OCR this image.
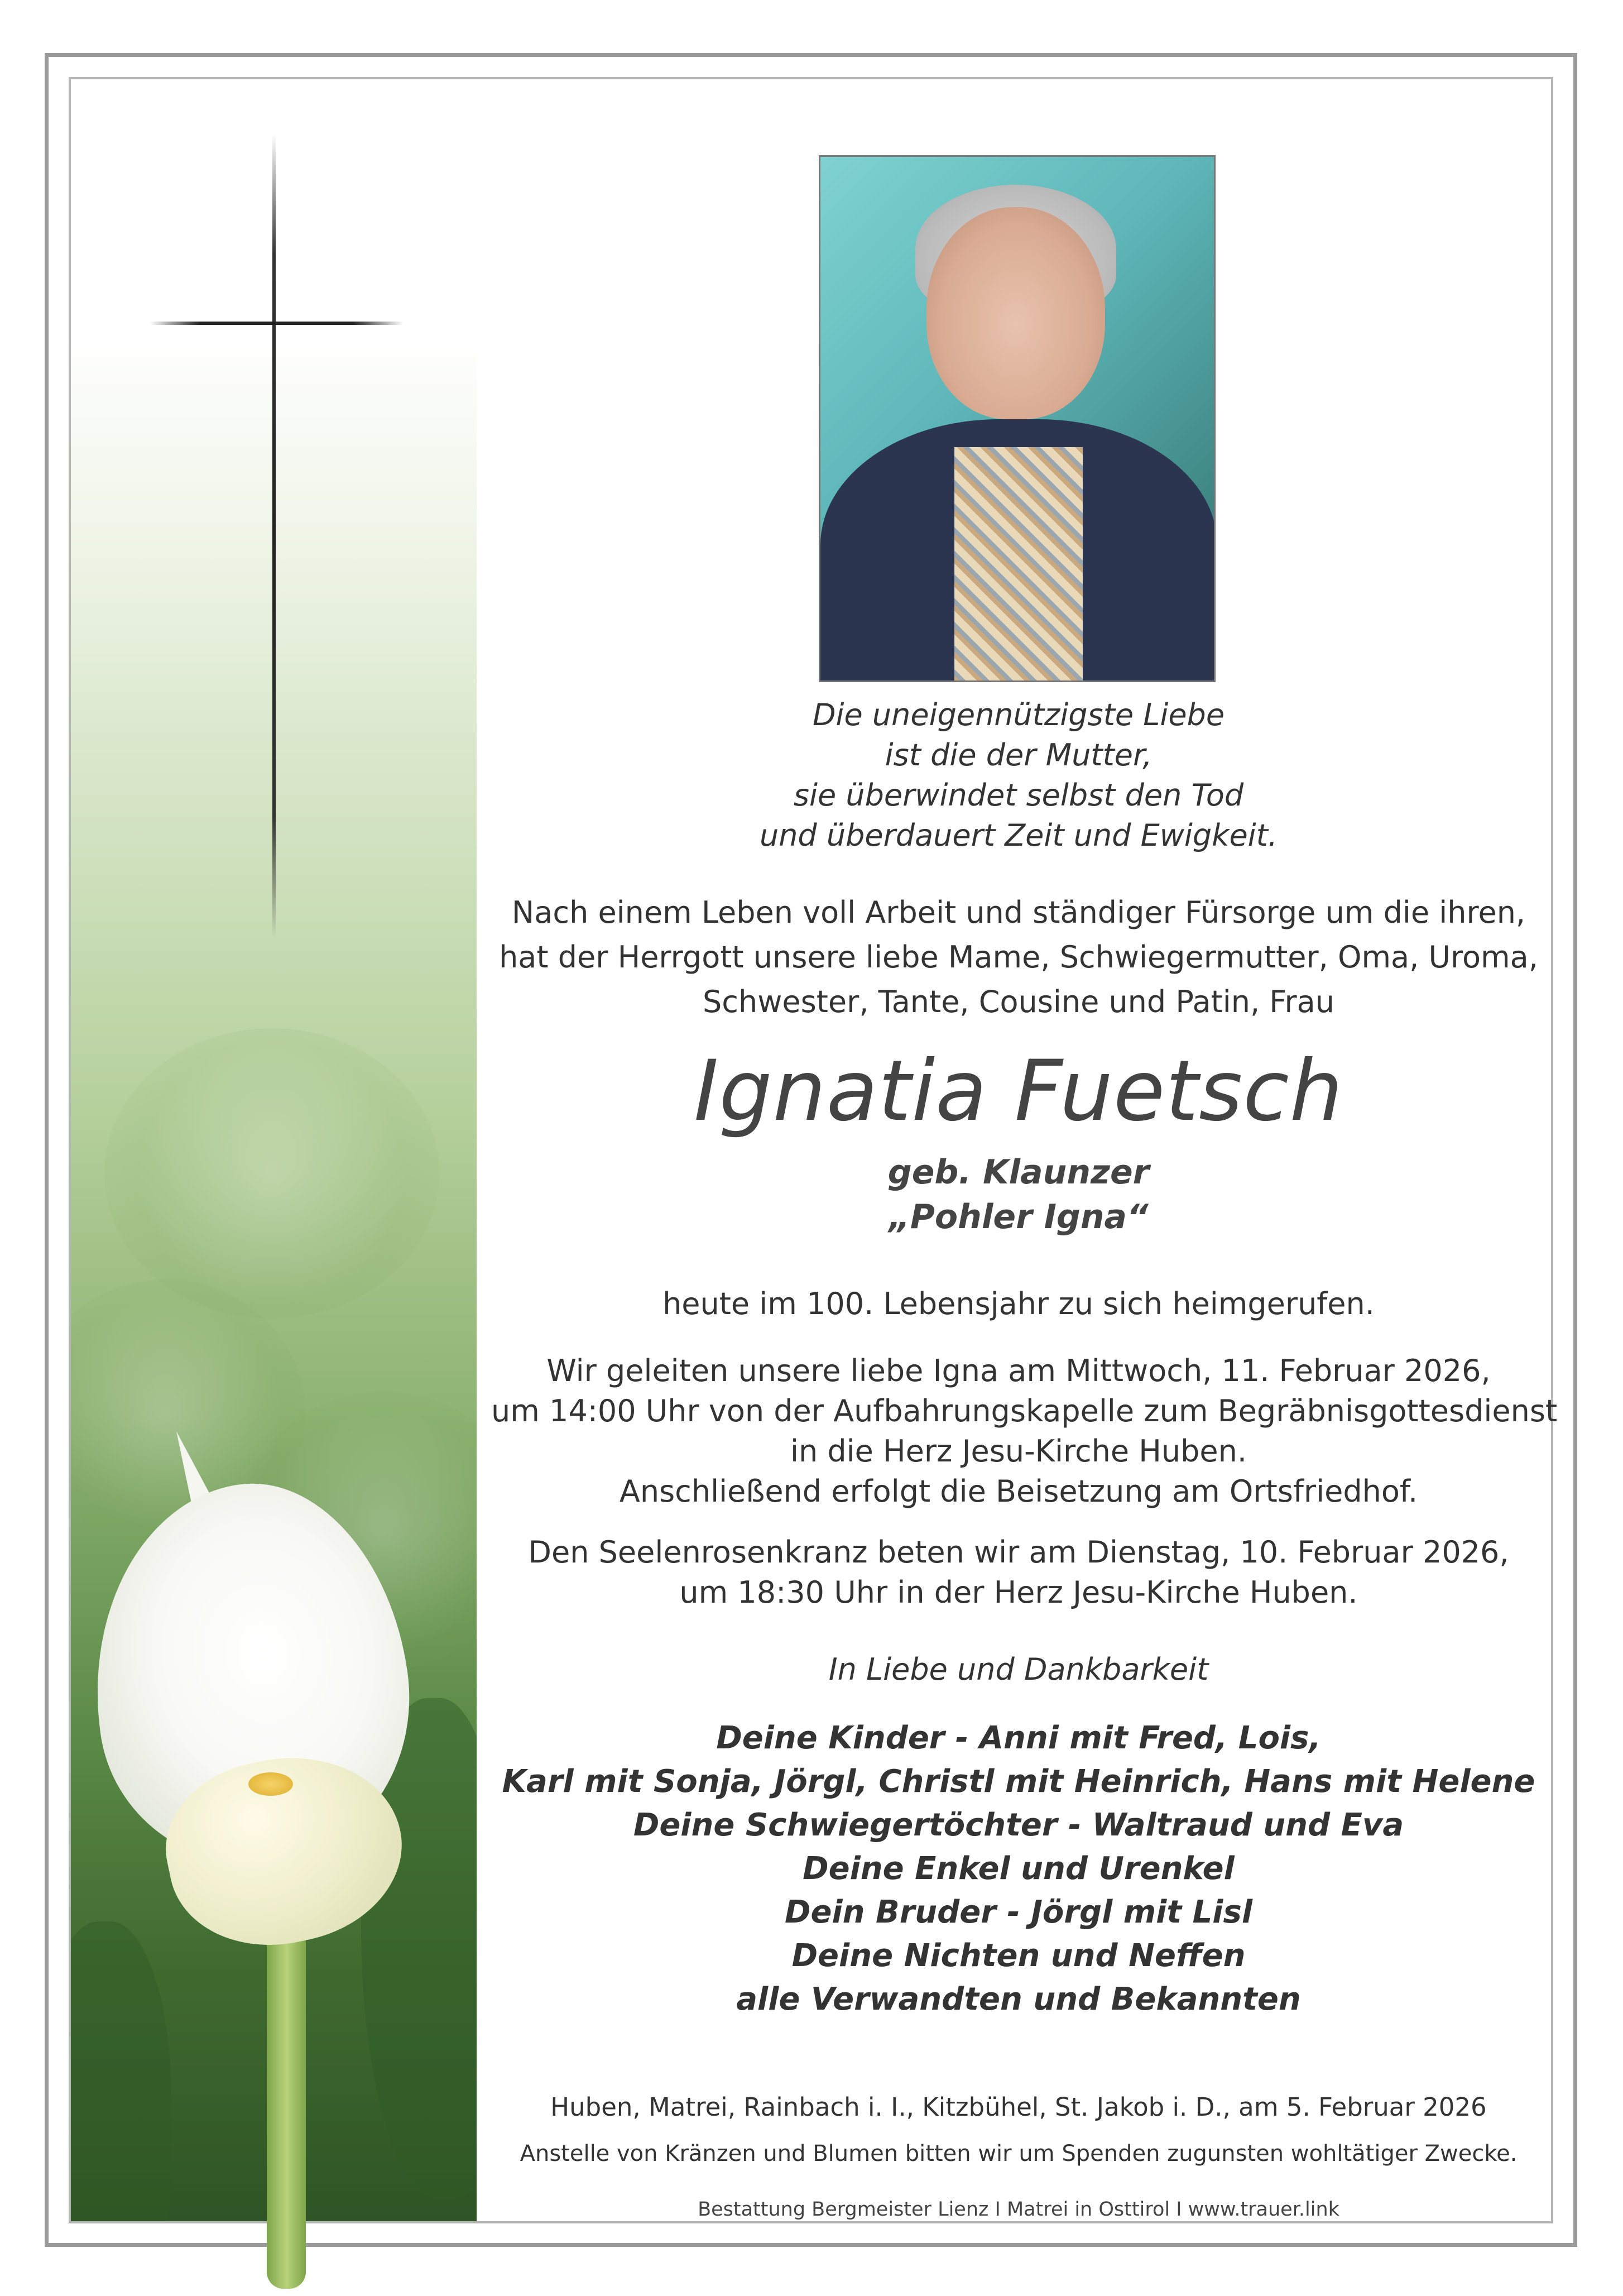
Die uneigennützigste Liebe
ist die der Mutter,
sie überwindet selbst den Tod
und überdauert Zeit und Ewigkeit.
Nach einem Leben voll Arbeit und ständiger Fürsorge um die ihren,
hat der Herrgott unsere liebe Mame, Schwiegermutter, Oma, Uroma,
Schwester, Tante, Cousine und Patin, Frau
Ignatia Fuetsch
geb. Klaunzer
„Pohler Igna“
heute im 100. Lebensjahr zu sich heimgerufen.
Wir geleiten unsere liebe Igna am Mittwoch, 11. Februar 2026,
um 14:00 Uhr von der Aufbahrungskapelle zum Begräbnisgottesdienst
in die Herz Jesu-Kirche Huben.
Anschließend erfolgt die Beisetzung am Ortsfriedhof.
Den Seelenrosenkranz beten wir am Dienstag, 10. Februar 2026,
um 18:30 Uhr in der Herz Jesu-Kirche Huben.
In Liebe und Dankbarkeit
Deine Kinder - Anni mit Fred, Lois,
Karl mit Sonja, Jörgl, Christl mit Heinrich, Hans mit Helene
Deine Schwiegertöchter - Waltraud und Eva
Deine Enkel und Urenkel
Dein Bruder - Jörgl mit Lisl
Deine Nichten und Neffen
alle Verwandten und Bekannten
Huben, Matrei, Rainbach i. I., Kitzbühel, St. Jakob i. D., am 5. Februar 2026
Anstelle von Kränzen und Blumen bitten wir um Spenden zugunsten wohltätiger Zwecke.
Bestattung Bergmeister Lienz I Matrei in Osttirol I www.trauer.link
